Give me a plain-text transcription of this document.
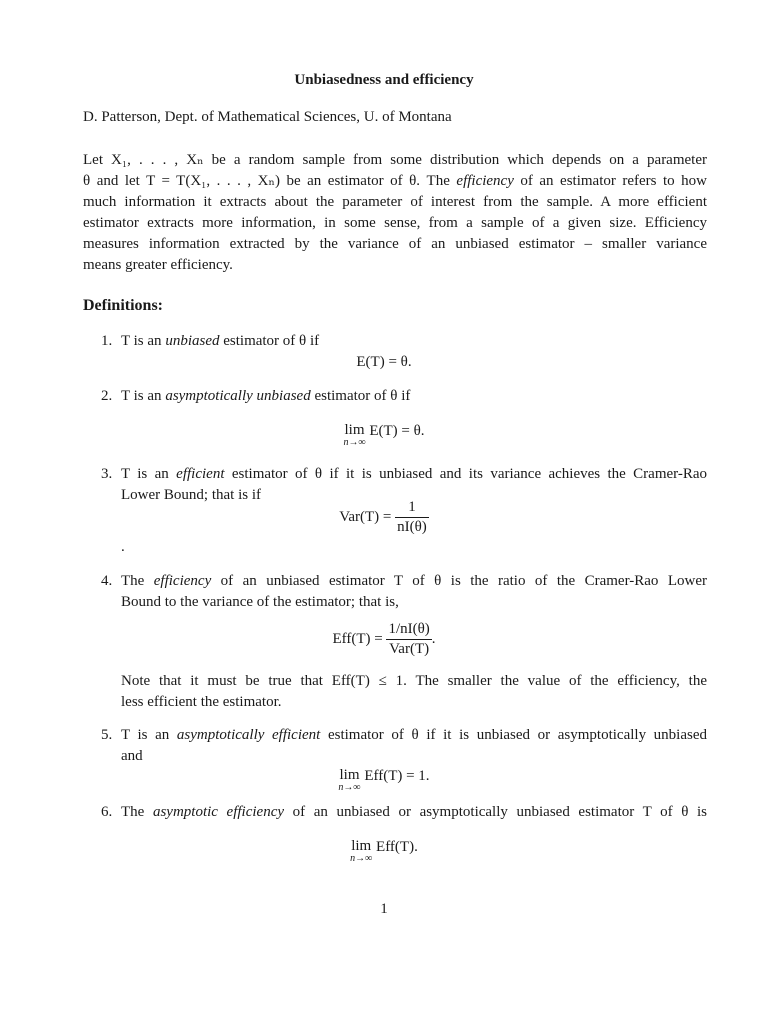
Unbiasedness and efficiency
D. Patterson, Dept. of Mathematical Sciences, U. of Montana
Let X₁, . . . , Xₙ be a random sample from some distribution which depends on a parameter
θ and let T = T(X₁, . . . , Xₙ) be an estimator of θ. The efficiency of an estimator refers to how
much information it extracts about the parameter of interest from the sample. A more efficient
estimator extracts more information, in some sense, from a sample of a given size. Efficiency
measures information extracted by the variance of an unbiased estimator – smaller variance
means greater efficiency.
Definitions:
1. T is an unbiased estimator of θ if
E(T) = θ.
2. T is an asymptotically unbiased estimator of θ if
lim
n→∞
E(T) = θ.
3. T is an efficient estimator of θ if it is unbiased and its variance achieves the Cramer-Rao
Lower Bound; that is if
$Var(T) = \frac{1}{nI(\theta)}$
.
4. The efficiency of an unbiased estimator T of θ is the ratio of the Cramer-Rao Lower
Bound to the variance of the estimator; that is,
$Eff(T) = \frac{1/nI(\theta)}{\text{Var(T)}}$ .
Note that it must be true that Eff(T) ≤ 1. The smaller the value of the efficiency, the
less efficient the estimator.
5. T is an asymptotically efficient estimator of θ if it is unbiased or asymptotically unbiased
and
lim
n→∞
Eff(T) = 1.
6. The asymptotic efficiency of an unbiased or asymptotically unbiased estimator T of θ is
lim
n→∞
Eff(T).
1
